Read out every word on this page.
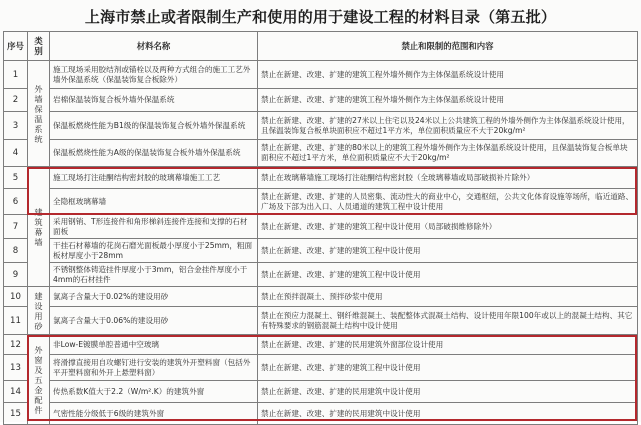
上海市禁止或者限制生产和使用的用于建设工程的材料目录（第五批）
序号	类别	材料名称	禁止和限制的范围和内容
1	外墙保温系统	施工现场采用胶结剂或锚栓以及两种方式组合的施工工艺外墙外保温系统（保温装饰复合板除外）	禁止在新建、改建、扩建的建筑工程外墙外侧作为主体保温系统设计使用
2		岩棉保温装饰复合板外墙外保温系统	禁止在新建、改建、扩建的建筑工程外墙外侧作为主体保温系统设计使用
3		保温板燃烧性能为B1级的保温装饰复合板外墙外保温系统	禁止在新建、改建、扩建的27米以上住宅以及24米以上公共建筑工程的外墙外侧作为主体保温系统设计使用，且保温装饰复合板单块面积应不超过1平方米，单位面积质量应不大于20kg/m²
4		保温板燃烧性能为A级的保温装饰复合板外墙外保温系统	禁止在新建、改建、扩建的80米以上的建筑工程外墙外侧作为主体保温系统设计使用，且保温装饰复合板单块面积应不超过1平方米，单位面积质量应不大于20kg/m²
5	建筑幕墙	施工现场打注硅酮结构密封胶的玻璃幕墙施工工艺	禁止在玻璃幕墙施工现场打注硅酮结构密封胶（全玻璃幕墙或局部破损补片除外）
6		全隐框玻璃幕墙	禁止在新建、改建、扩建的人员密集、流动性大的商业中心，交通枢纽，公共文化体育设施等场所，临近道路、广场及下部为出入口、人员通道的建筑工程中设计使用
7		采用钢销、T形连接件和角形梯斜连接件连接和支撑的石材面板	禁止在新建、改建、扩建的建筑工程中设计使用（局部破损维修除外）
8		干挂石材幕墙的花岗石磨光面板最小厚度小于25mm，粗面板材厚度小于28mm	禁止在新建、改建、扩建的建筑工程中设计使用
9		不锈钢整体铸造挂件厚度小于3mm，铝合金挂件厚度小于4mm的石材挂件	禁止在新建、改建、扩建的建筑工程中设计使用
10	建设用砂	氯离子含量大于0.02%的建设用砂	禁止在预拌混凝土、预拌砂浆中使用
11		氯离子含量大于0.06%的建设用砂	禁止在预应力混凝土、钢纤维混凝土、装配整体式混凝土结构、设计使用年限100年或以上的混凝土结构、其它有特殊要求的钢筋混凝土结构中设计使用
12	外窗及五金配件	非Low-E镀膜单腔普通中空玻璃	禁止在新建、改建、扩建的民用建筑外窗部位设计使用
13		将滑撑直接用自攻螺钉进行安装的建筑外开塑料窗（包括外平开塑料窗和外开上悬塑料窗）	禁止在新建、改建、扩建的建筑工程中设计使用
14		传热系数K值大于2.2（W/m².K）的建筑外窗	禁止在新建、改建、扩建的民用建筑中设计使用
15		气密性能分级低于6级的建筑外窗	禁止在新建、改建、扩建的民用建筑中设计使用
